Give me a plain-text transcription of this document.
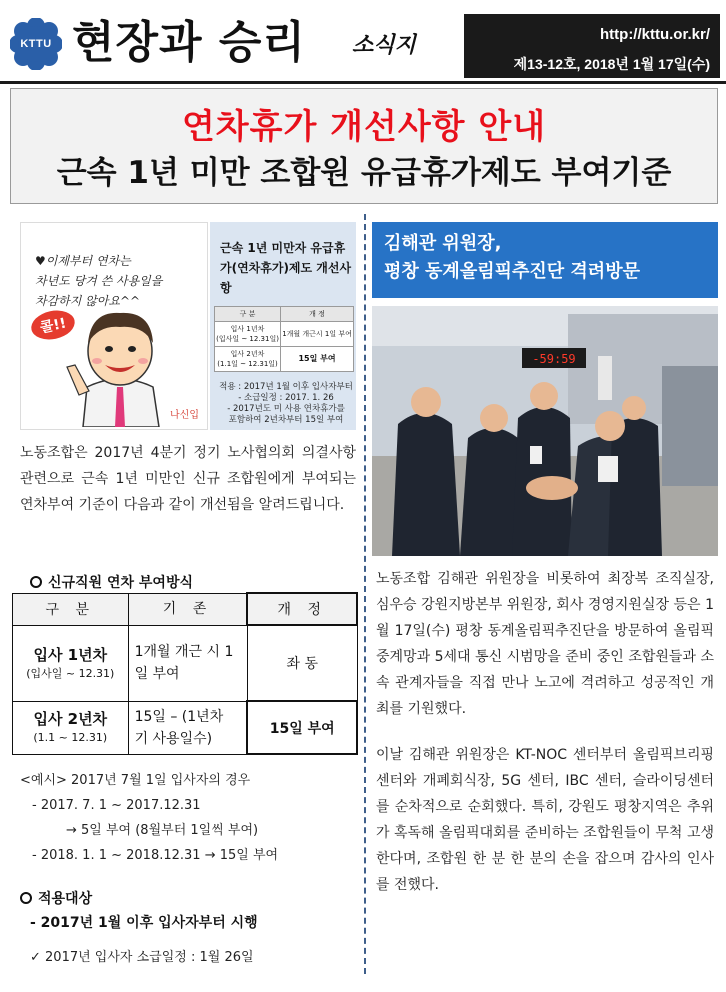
KTTU 현장과 승리 소식지	http://kttu.or.kr/
제13-12호, 2018년 1월 17일(수)
연차휴가 개선사항 안내
근속 1년 미만 조합원 유급휴가제도 부여기준
♥이제부터 연차는
차년도 당겨 쓴 사용일을
차감하지 않아요^^
콜!!
나신입
근속 1년 미만자 유급휴가(연차휴가)제도 개선사항
구 분	개 정

입사 1년차
(입사일 ~ 12.31일)	1개월 개근시 1일 부여

입사 2년차
(1.1일 ~ 12.31일)	15일 부여
적용 : 2017년 1월 이후 입사자부터
- 소급일정 : 2017. 1. 26
- 2017년도 미 사용 연차휴가를
포함하여 2년차부터 15일 부여
노동조합은 2017년 4분기 정기 노사협의회 의결사항 관련으로 근속 1년 미만인 신규 조합원에게 부여되는 연차부여 기준이 다음과 같이 개선됨을 알려드립니다.
신규직원 연차 부여방식
구 분	기 존	개 정

입사 1년차
(입사일 ~ 12.31)	1개월 개근 시 1일 부여	좌 동

입사 2년차
(1.1 ~ 12.31)	15일 – (1년차 기 사용일수)	15일 부여
<예시> 2017년 7월 1일 입사자의 경우
- 2017. 7. 1 ~ 2017.12.31
→ 5일 부여 (8월부터 1일씩 부여)
- 2018. 1. 1 ~ 2018.12.31 → 15일 부여
적용대상
- 2017년 1월 이후 입사자부터 시행
✓ 2017년 입사자 소급일정 : 1월 26일
김해관 위원장,
평창 동계올림픽추진단 격려방문
-59:59

노동조합 김해관 위원장을 비롯하여 최장복 조직실장, 심우승 강원지방본부 위원장, 회사 경영지원실장 등은 1월 17일(수) 평창 동계올림픽추진단을 방문하여 올림픽 중계망과 5세대 통신 시범망을 준비 중인 조합원들과 소속 관계자들을 직접 만나 노고에 격려하고 성공적인 개최를 기원했다.

이날 김해관 위원장은 KT-NOC 센터부터 올림픽브리핑센터와 개폐회식장, 5G 센터, IBC 센터, 슬라이딩센터를 순차적으로 순회했다. 특히, 강원도 평창지역은 추위가 혹독해 올림픽대회를 준비하는 조합원들이 무척 고생한다며, 조합원 한 분 한 분의 손을 잡으며 감사의 인사를 전했다.
